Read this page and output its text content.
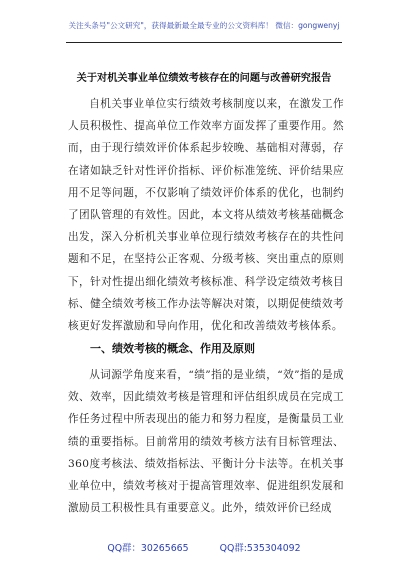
关注头条号"公文研究"，获得最新最全最专业的公文资料库！ 微信：gongwenyj
关于对机关事业单位绩效考核存在的问题与改善研究报告
自机关事业单位实行绩效考核制度以来，在激发工作人员积极性、提高单位工作效率方面发挥了重要作用。然而，由于现行绩效评价体系起步较晚、基础相对薄弱，存在诸如缺乏针对性评价指标、评价标准笼统、评价结果应用不足等问题，不仅影响了绩效评价体系的优化，也制约了团队管理的有效性。因此，本文将从绩效考核基础概念出发，深入分析机关事业单位现行绩效考核存在的共性问题和不足，在坚持公正客观、分级考核、突出重点的原则下，针对性提出细化绩效考核标准、科学设定绩效考核目标、健全绩效考核工作办法等解决对策，以期促使绩效考核更好发挥激励和导向作用，优化和改善绩效考核体系。
一、绩效考核的概念、作用及原则
从词源学角度来看，“绩”指的是业绩，“效”指的是成效、效率，因此绩效考核是管理和评估组织成员在完成工作任务过程中所表现出的能力和努力程度，是衡量员工业绩的重要指标。目前常用的绩效考核方法有目标管理法、360度考核法、绩效指标法、平衡计分卡法等。在机关事业单位中，绩效考核对于提高管理效率、促进组织发展和激励员工积极性具有重要意义。此外，绩效评价已经成
QQ群：30265665	QQ群:535304092
